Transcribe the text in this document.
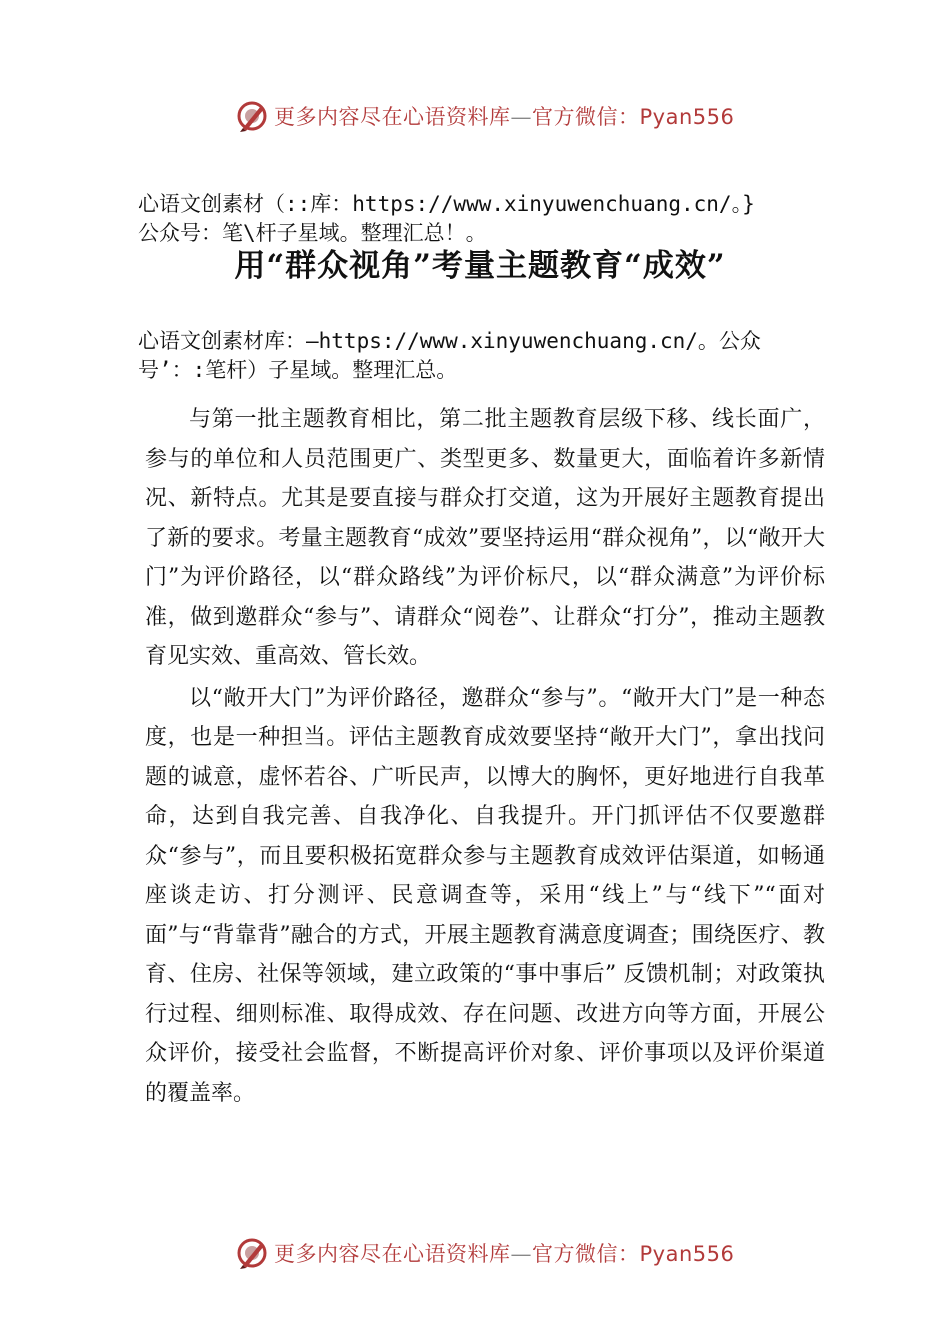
更多内容尽在心语资料库—官方微信：Pyan556

心语文创素材（::库：https://www.xinyuwenchuang.cn/。}

公众号：笔\杆子星域。整理汇总！。

用“群众视角”考量主题教育“成效”

心语文创素材库：—https://www.xinyuwenchuang.cn/。公众

号’：:笔杆）子星域。整理汇总。

与第一批主题教育相比，第二批主题教育层级下移、线长面广，参与的单位和人员范围更广、类型更多、数量更大，面临着许多新情况、新特点。尤其是要直接与群众打交道，这为开展好主题教育提出了新的要求。考量主题教育“成效”要坚持运用“群众视角”，以“敞开大门”为评价路径，以“群众路线”为评价标尺，以“群众满意”为评价标准，做到邀群众“参与”、请群众“阅卷”、让群众“打分”，推动主题教育见实效、重高效、管长效。

以“敞开大门”为评价路径，邀群众“参与”。“敞开大门”是一种态度，也是一种担当。评估主题教育成效要坚持“敞开大门”，拿出找问题的诚意，虚怀若谷、广听民声，以博大的胸怀，更好地进行自我革命，达到自我完善、自我净化、自我提升。开门抓评估不仅要邀群众“参与”，而且要积极拓宽群众参与主题教育成效评估渠道，如畅通座谈走访、打分测评、民意调查等，采用“线上”与“线下”“面对面”与“背靠背”融合的方式，开展主题教育满意度调查；围绕医疗、教育、住房、社保等领域，建立政策的“事中事后” 反馈机制；对政策执行过程、细则标准、取得成效、存在问题、改进方向等方面，开展公众评价，接受社会监督，不断提高评价对象、评价事项以及评价渠道的覆盖率。

更多内容尽在心语资料库—官方微信：Pyan556
